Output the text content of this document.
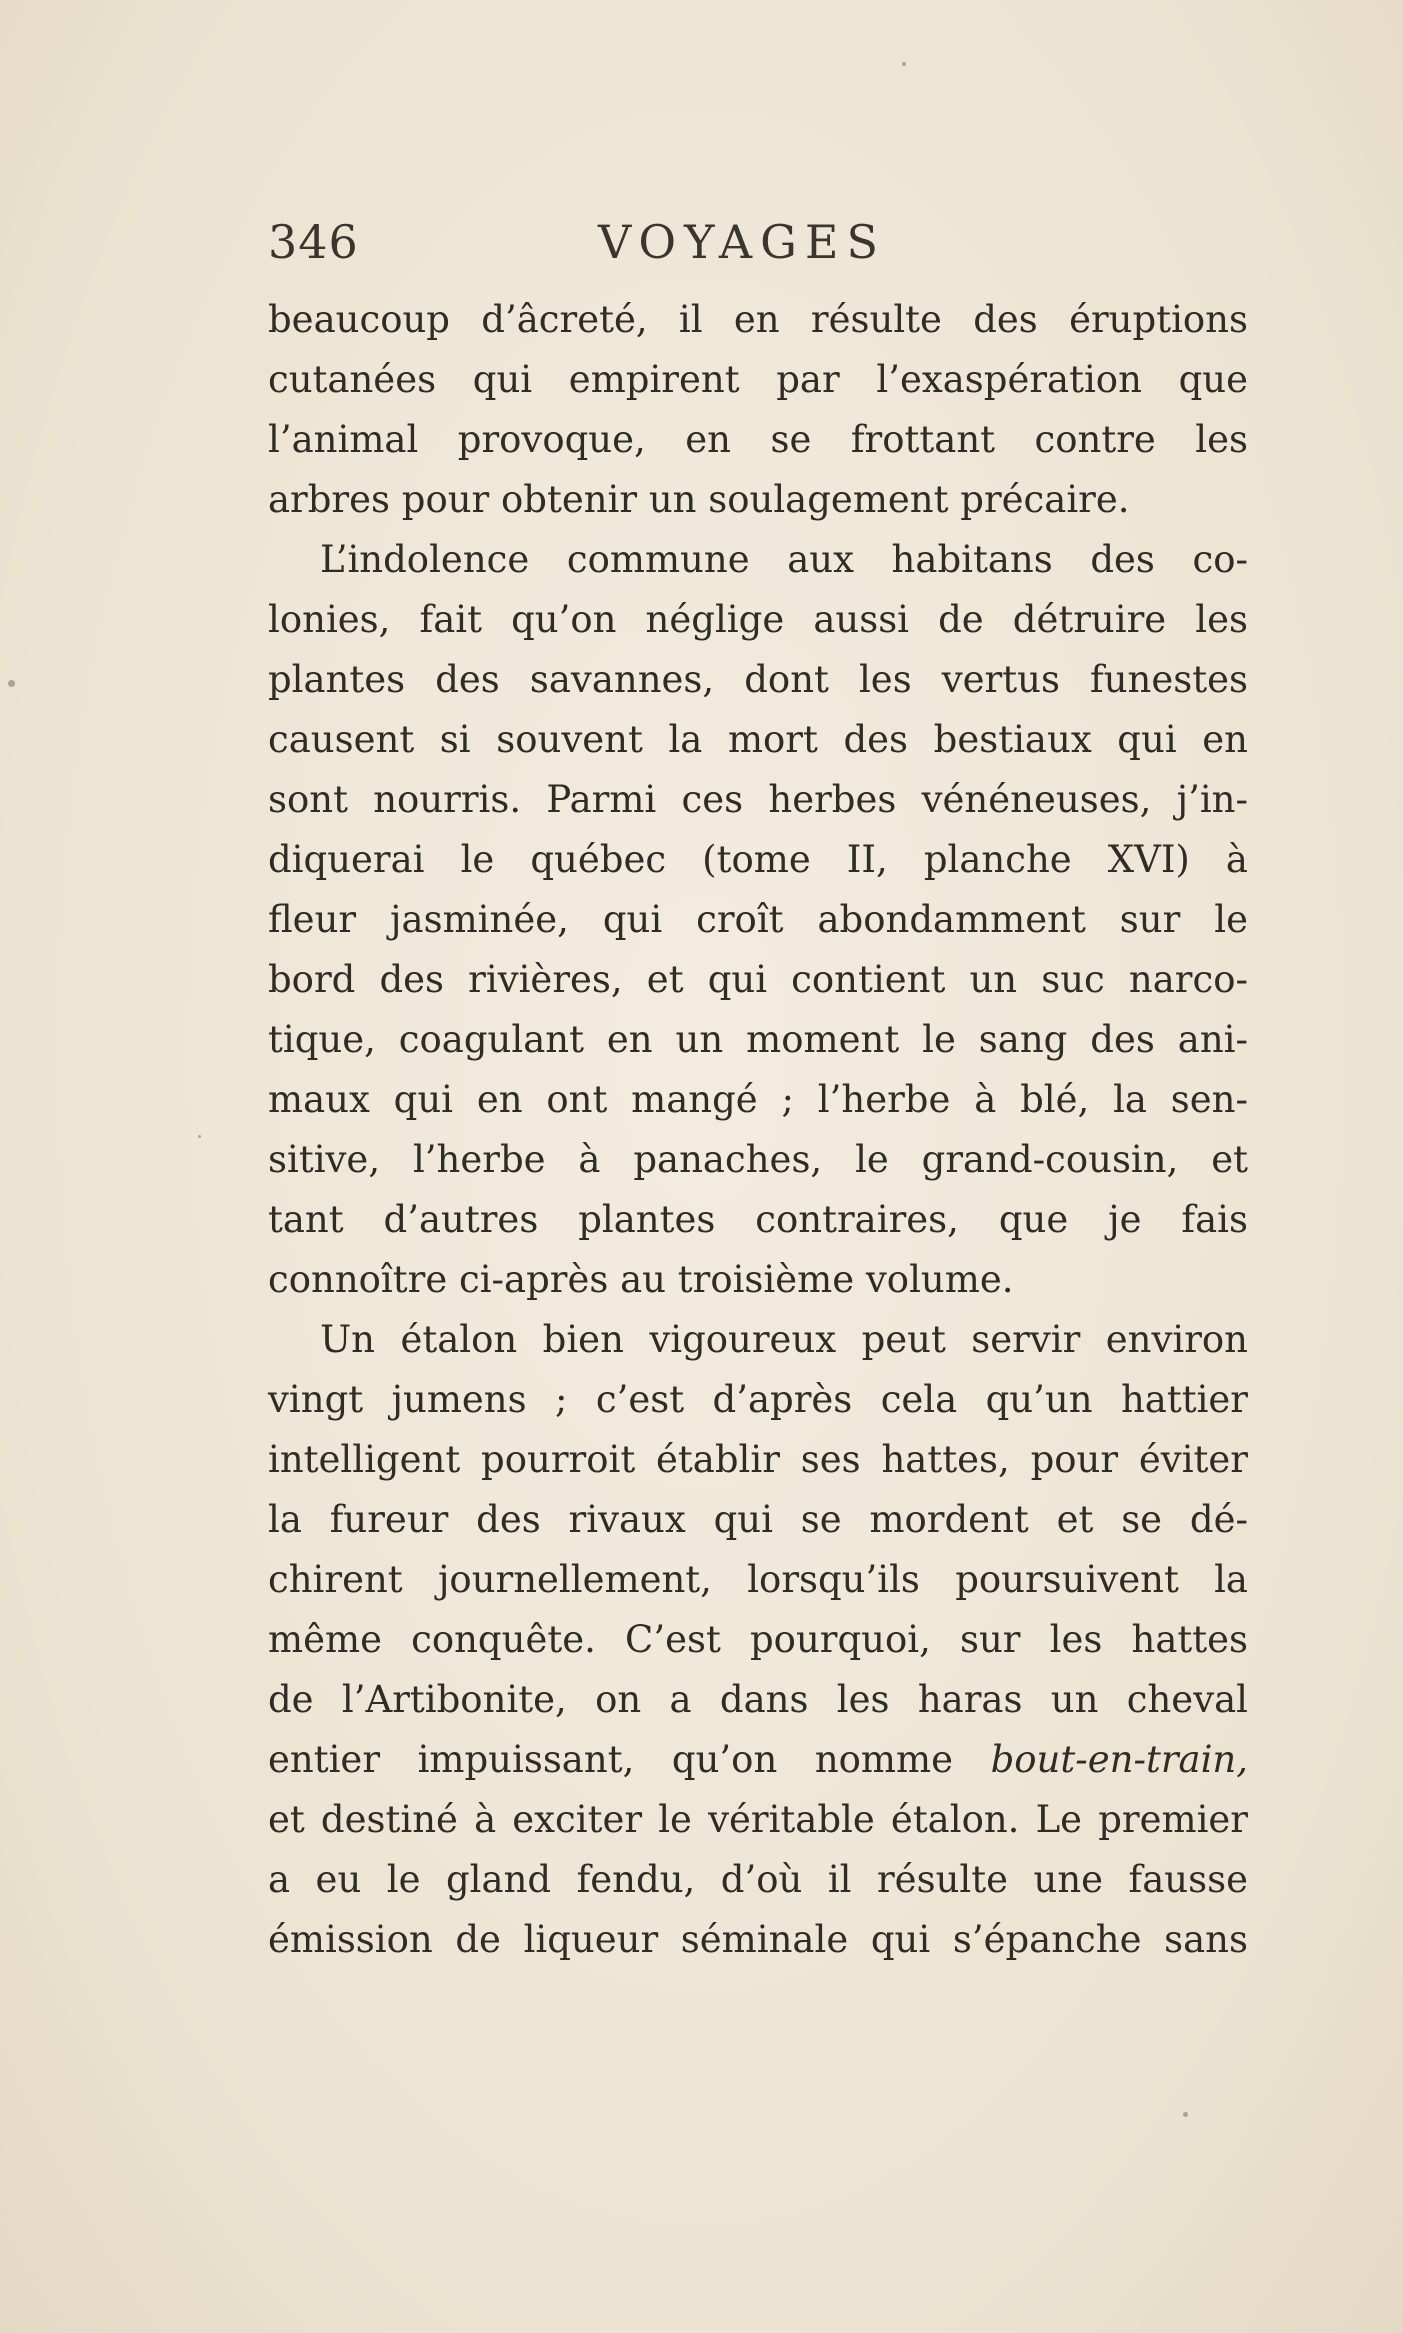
346	VOYAGES
beaucoup d’âcreté, il en résulte des éruptions
cutanées qui empirent par l’exaspération que
l’animal provoque, en se frottant contre les
arbres pour obtenir un soulagement précaire.
L’indolence commune aux habitans des co-
lonies, fait qu’on néglige aussi de détruire les
plantes des savannes, dont les vertus funestes
causent si souvent la mort des bestiaux qui en
sont nourris. Parmi ces herbes vénéneuses, j’in-
diquerai le québec (tome II, planche XVI) à
fleur jasminée, qui croît abondamment sur le
bord des rivières, et qui contient un suc narco-
tique, coagulant en un moment le sang des ani-
maux qui en ont mangé ; l’herbe à blé, la sen-
sitive, l’herbe à panaches, le grand-cousin, et
tant d’autres plantes contraires, que je fais
connoître ci-après au troisième volume.
Un étalon bien vigoureux peut servir environ
vingt jumens ; c’est d’après cela qu’un hattier
intelligent pourroit établir ses hattes, pour éviter
la fureur des rivaux qui se mordent et se dé-
chirent journellement, lorsqu’ils poursuivent la
même conquête. C’est pourquoi, sur les hattes
de l’Artibonite, on a dans les haras un cheval
entier impuissant, qu’on nomme bout-en-train,
et destiné à exciter le véritable étalon. Le premier
a eu le gland fendu, d’où il résulte une fausse
émission de liqueur séminale qui s’épanche sans
